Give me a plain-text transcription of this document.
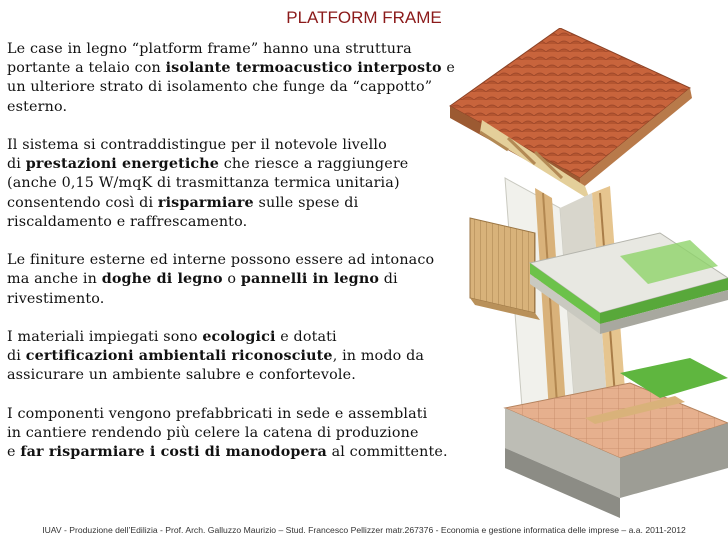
PLATFORM FRAME
Le case in legno “platform frame” hanno una struttura
portante a telaio con isolante termoacustico interposto e
un ulteriore strato di isolamento che funge da “cappotto”
esterno.
Il sistema si contraddistingue per il notevole livello
di prestazioni energetiche che riesce a raggiungere
(anche 0,15 W/mqK di trasmittanza termica unitaria)
consentendo così di risparmiare sulle spese di
riscaldamento e raffrescamento.
Le finiture esterne ed interne possono essere ad intonaco
ma anche in doghe di legno o pannelli in legno di
rivestimento.
I materiali impiegati sono ecologici e dotati
di certificazioni ambientali riconosciute, in modo da
assicurare un ambiente salubre e confortevole.
I componenti vengono prefabbricati in sede e assemblati
in cantiere rendendo più celere la catena di produzione
e far risparmiare i costi di manodopera al committente.
IUAV - Produzione dell’Edilizia - Prof. Arch. Galluzzo Maurizio – Stud. Francesco Pellizzer matr.267376 - Economia e gestione informatica delle imprese – a.a. 2011-2012
